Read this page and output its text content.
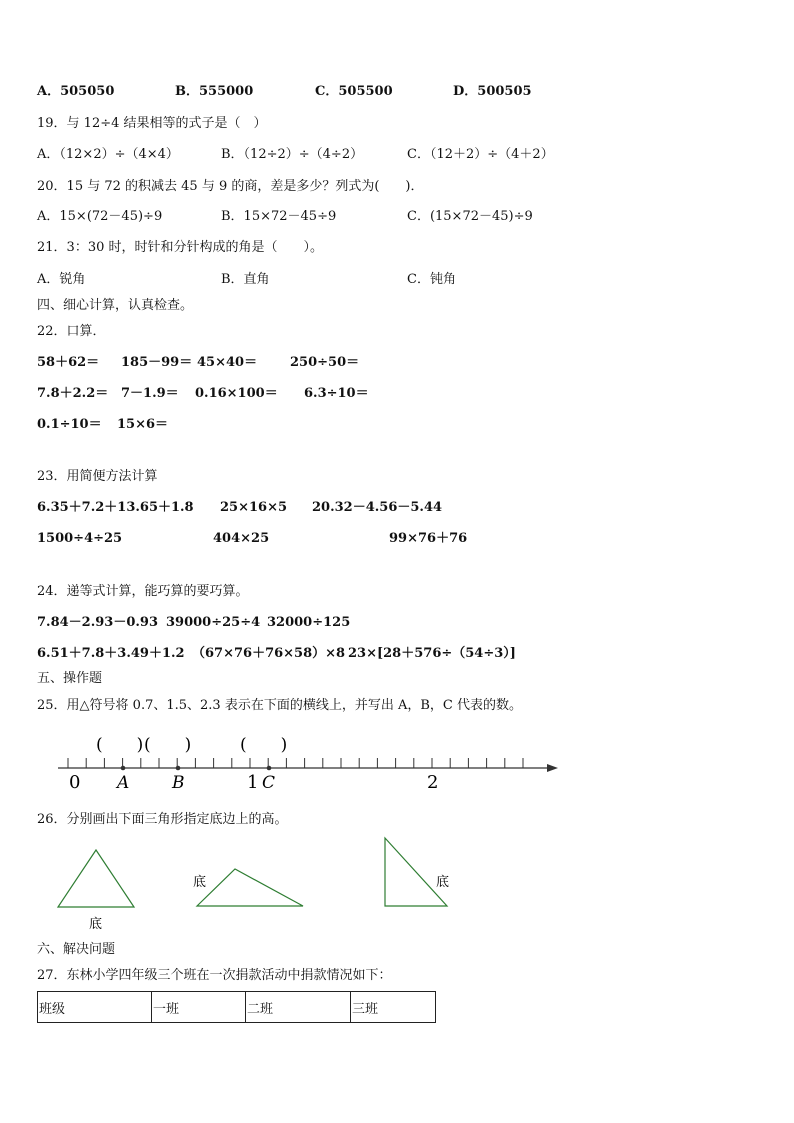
A．505050	B．555000	C．505500	D．500505
19．与 12÷4 结果相等的式子是（　）
A．（12×2）÷（4×4）	B．（12÷2）÷（4÷2）	C．（12＋2）÷（4＋2）
20．15 与 72 的积减去 45 与 9 的商，差是多少？列式为(　　)．
A．15×(72－45)÷9	B．15×72－45÷9	C．(15×72－45)÷9
21．3：30 时，时针和分针构成的角是（　　）。
A．锐角	B．直角	C．钝角
四、细心计算，认真检查。
22．口算．
58＋62＝ 185－99＝ 45×40＝	250÷50＝
7.8＋2.2＝ 7－1.9＝ 0.16×100＝ 6.3÷10＝
0.1÷10＝ 15×6＝
23．用简便方法计算
6.35＋7.2＋13.65＋1.8 25×16×5 20.32－4.56－5.44
1500÷4÷25	404×25	99×76＋76
24．递等式计算，能巧算的要巧算。
7.84－2.93－0.93 39000÷25÷4 32000÷125
6.51＋7.8＋3.49＋1.2 （67×76＋76×58）×8 23×[28＋576÷（54÷3）]
五、操作题
25．用△符号将 0.7、1.5、2.3 表示在下面的横线上，并写出 A，B，C 代表的数。
0	1	2
A	B	C
(　　) (　　)	(　　)
26．分别画出下面三角形指定底边上的高。
底
底	底
六、解决问题
27．东林小学四年级三个班在一次捐款活动中捐款情况如下：
班级	一班	二班	三班
